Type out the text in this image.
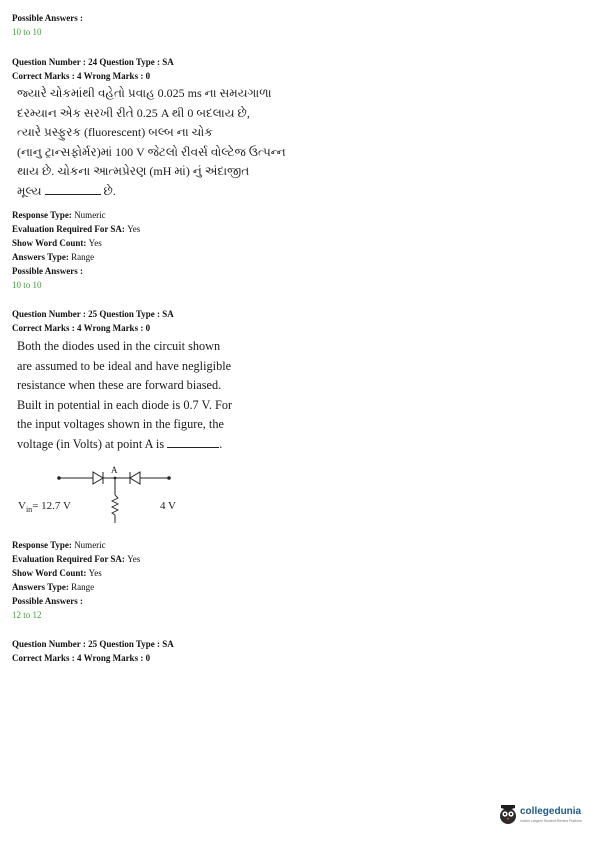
Possible Answers :
10 to 10
Question Number : 24 Question Type : SA
Correct Marks : 4 Wrong Marks : 0

જ્યારે ચોકમાંથી વહેતો પ્રવાહ 0.025 ms ના સમયગાળા

દરમ્યાન એક સરખી રીતે 0.25 A થી 0 બદલાય છે,

ત્યારે પ્રસ્ફુરક (fluorescent) બલ્બ ના ચોક

(નાનુ ટ્રાન્સફોર્મર)માં 100 V જેટલો રીવર્સ વોલ્ટેજ ઉત્પન્ન

થાય છે. ચોકના આત્મપ્રેરણ (mH માં) નું અંદાજીત

મૂલ્ય	છે.

Response Type: Numeric
Evaluation Required For SA: Yes
Show Word Count: Yes
Answers Type: Range
Possible Answers :
10 to 10
Question Number : 25 Question Type : SA
Correct Marks : 4 Wrong Marks : 0

Both the diodes used in the circuit shown

are assumed to be ideal and have negligible

resistance when these are forward biased.

Built in potential in each diode is 0.7 V. For

the input voltages shown in the figure, the

voltage (in Volts) at point A is	.

A
$V_{in}= 12.7$ V	4 V
Response Type: Numeric
Evaluation Required For SA: Yes
Show Word Count: Yes
Answers Type: Range
Possible Answers :
12 to 12
Question Number : 25 Question Type : SA
Correct Marks : 4 Wrong Marks : 0
collegedunia
India's Largest Student Review Platform
